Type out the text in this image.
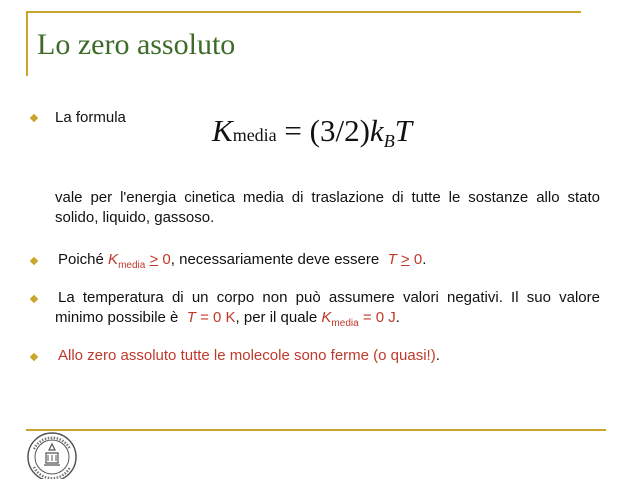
Lo zero assoluto
La formula	Kmedia = (3/2)kBT
vale per l'energia cinetica media di traslazione di tutte le sostanze allo stato solido, liquido, gassoso.
Poiché $K_{media} > 0$, necessariamente deve essere  T > 0.
La temperatura di un corpo non può assumere valori negativi. Il suo valore
minimo possibile è  T = 0 K, per il quale $K_{media} = 0$ J.
Allo zero assoluto tutte le molecole sono ferme (o quasi!).
